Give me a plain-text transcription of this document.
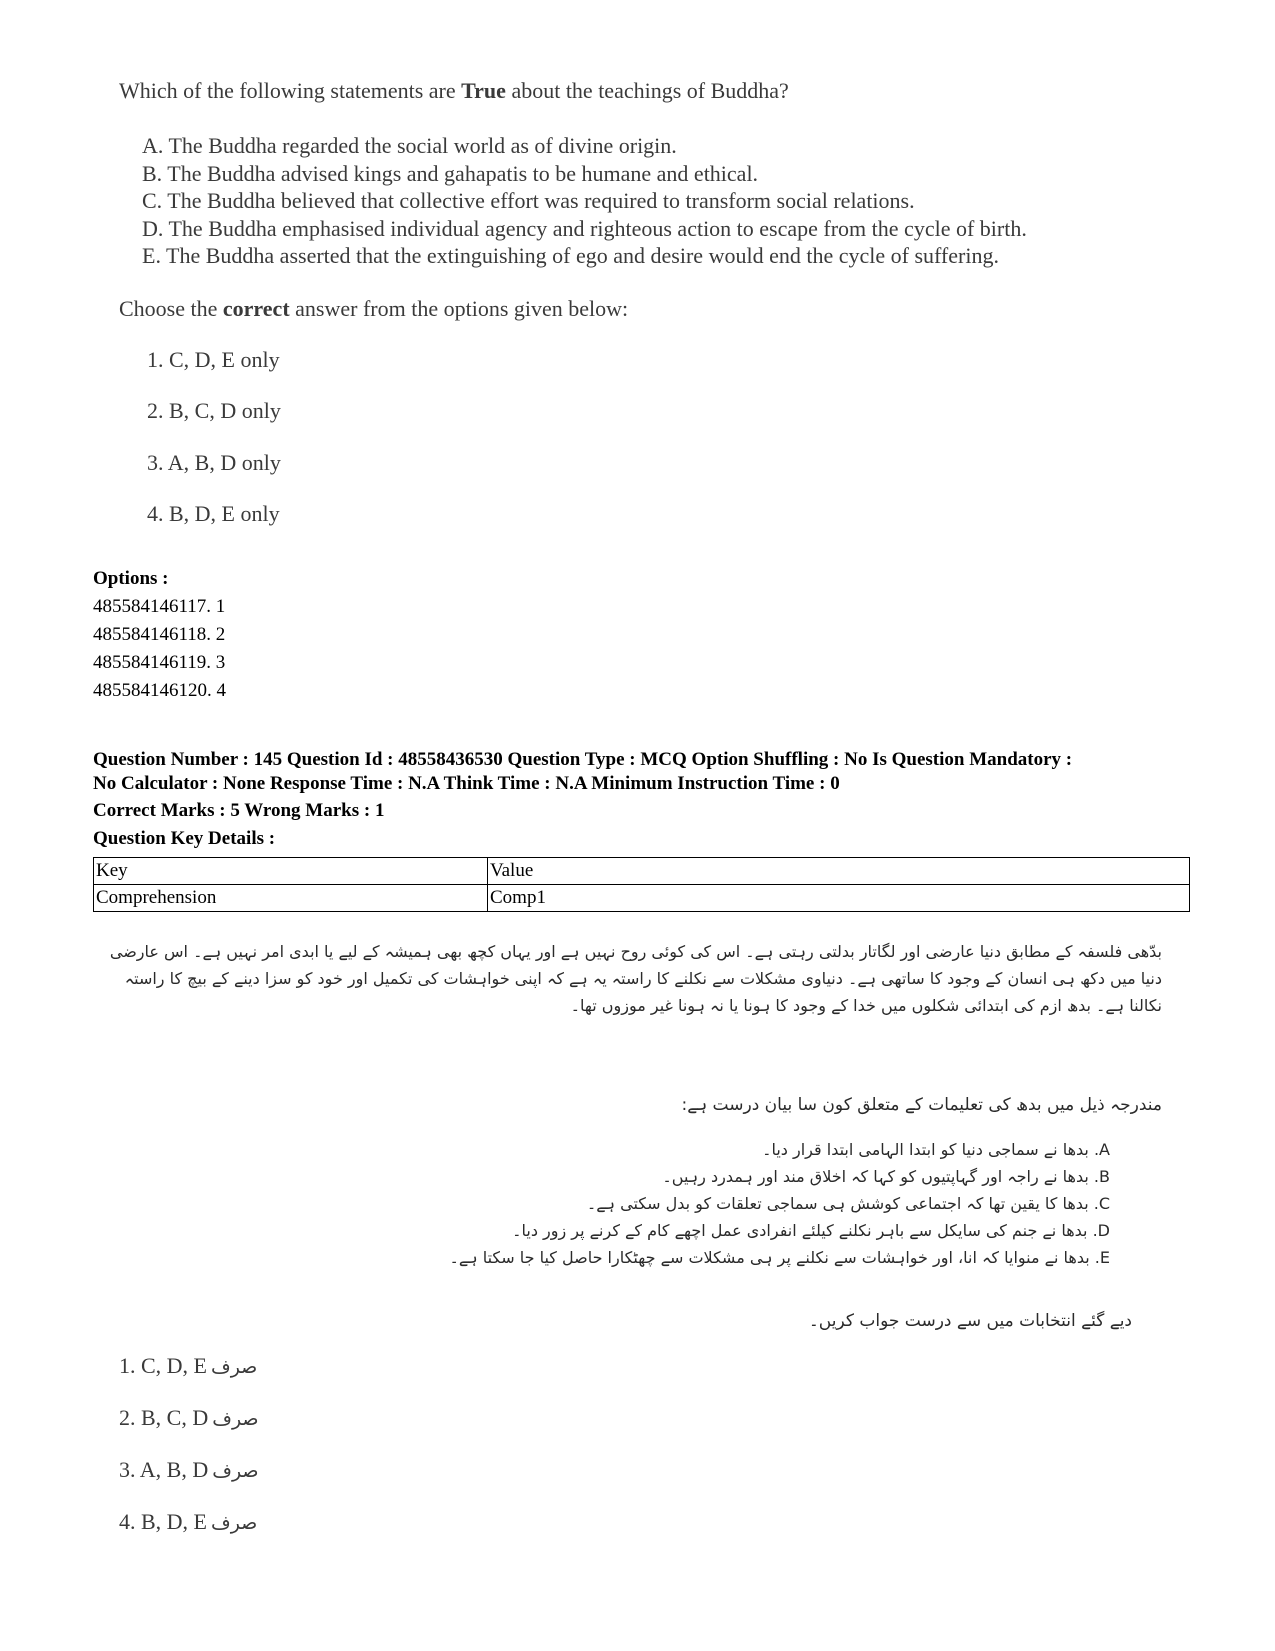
Which of the following statements are True about the teachings of Buddha?
A. The Buddha regarded the social world as of divine origin.
B. The Buddha advised kings and gahapatis to be humane and ethical.
C. The Buddha believed that collective effort was required to transform social relations.
D. The Buddha emphasised individual agency and righteous action to escape from the cycle of birth.
E. The Buddha asserted that the extinguishing of ego and desire would end the cycle of suffering.
Choose the correct answer from the options given below:
1. C, D, E only
2. B, C, D only
3. A, B, D only
4. B, D, E only
Options :
485584146117. 1
485584146118. 2
485584146119. 3
485584146120. 4
Question Number : 145 Question Id : 48558436530 Question Type : MCQ Option Shuffling : No Is Question Mandatory :
No Calculator : None Response Time : N.A Think Time : N.A Minimum Instruction Time : 0
Correct Marks : 5 Wrong Marks : 1
Question Key Details :
Key	Value
Comprehension	Comp1
بدّھی فلسفہ کے مطابق دنیا عارضی اور لگاتار بدلتی رہتی ہے۔ اس کی کوئی روح نہیں ہے اور یہاں کچھ بھی ہمیشہ کے لیے یا ابدی امر نہیں ہے۔ اس عارضی دنیا میں دکھ ہی انسان کے وجود کا ساتھی ہے۔ دنیاوی مشکلات سے نکلنے کا راستہ یہ ہے کہ اپنی خواہشات کی تکمیل اور خود کو سزا دینے کے بیچ کا راستہ نکالنا ہے۔ بدھ ازم کی ابتدائی شکلوں میں خدا کے وجود کا ہونا یا نہ ہونا غیر موزوں تھا۔
مندرجہ ذیل میں بدھ کی تعلیمات کے متعلق کون سا بیان درست ہے:
A. بدھا نے سماجی دنیا کو ابتدا الہامی ابتدا قرار دیا۔
B. بدھا نے راجہ اور گہاپتیوں کو کہا کہ اخلاق مند اور ہمدرد رہیں۔
C. بدھا کا یقین تھا کہ اجتماعی کوشش ہی سماجی تعلقات کو بدل سکتی ہے۔
D. بدھا نے جنم کی سایکل سے باہر نکلنے کیلئے انفرادی عمل اچھے کام کے کرنے پر زور دیا۔
E. بدھا نے منوایا کہ انا، اور خواہشات سے نکلنے پر ہی مشکلات سے چھٹکارا حاصل کیا جا سکتا ہے۔
دیے گئے انتخابات میں سے درست جواب کریں۔
1. C, D, E صرف
2. B, C, D صرف
3. A, B, D صرف
4. B, D, E صرف
